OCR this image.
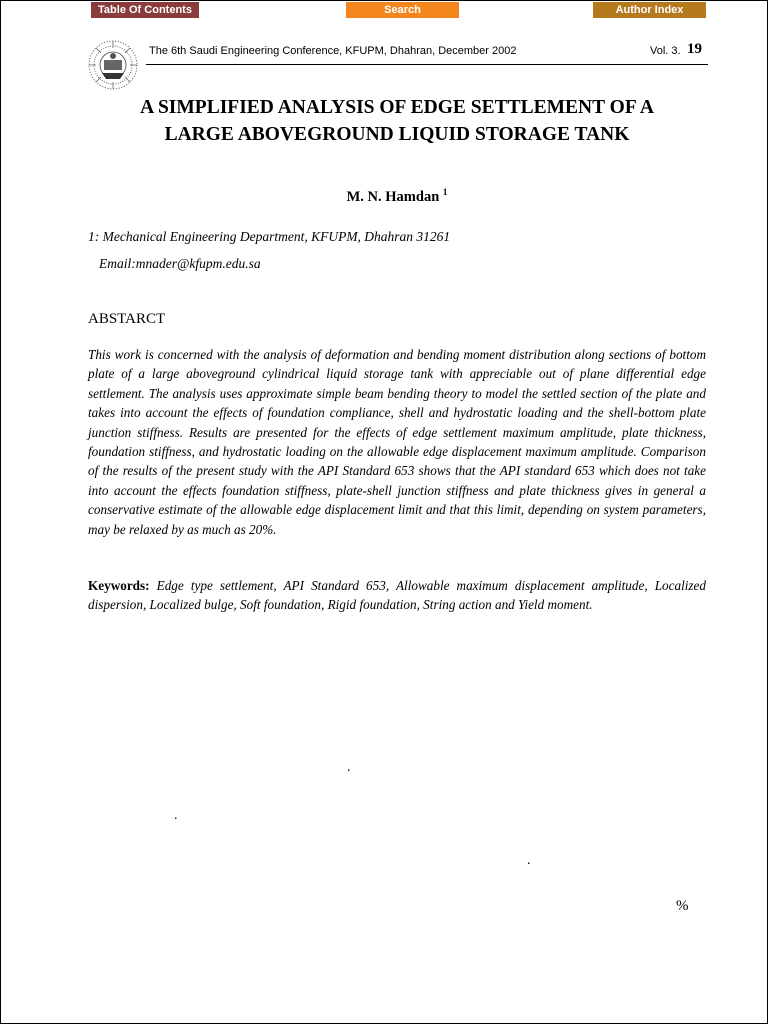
Table Of Contents	Search	Author Index
The 6th Saudi Engineering Conference, KFUPM, Dhahran, December 2002	Vol. 3. 19
A SIMPLIFIED ANALYSIS OF EDGE SETTLEMENT OF A
LARGE ABOVEGROUND LIQUID STORAGE TANK
M. N. Hamdan $^1$
1: Mechanical Engineering Department, KFUPM, Dhahran 31261
Email:mnader@kfupm.edu.sa
ABSTARCT

This work is concerned with the analysis of deformation and bending moment distribution along sections of bottom plate of a large aboveground cylindrical liquid storage tank with appreciable out of plane differential edge settlement. The analysis uses approximate simple beam bending theory to model the settled section of the plate and takes into account the effects of foundation compliance, shell and hydrostatic loading and the shell-bottom plate junction stiffness. Results are presented for the effects of edge settlement maximum amplitude, plate thickness, foundation stiffness, and hydrostatic loading on the allowable edge displacement maximum amplitude. Comparison of the results of the present study with the API Standard 653 shows that the API standard 653 which does not take into account the effects foundation stiffness, plate-shell junction stiffness and plate thickness gives in general a conservative estimate of the allowable edge displacement limit and that this limit, depending on system parameters, may be relaxed by as much as 20%.

Keywords: Edge type settlement, API Standard 653, Allowable maximum displacement amplitude, Localized dispersion, Localized bulge, Soft foundation, Rigid foundation, String action and Yield moment.

.
.
.
%
